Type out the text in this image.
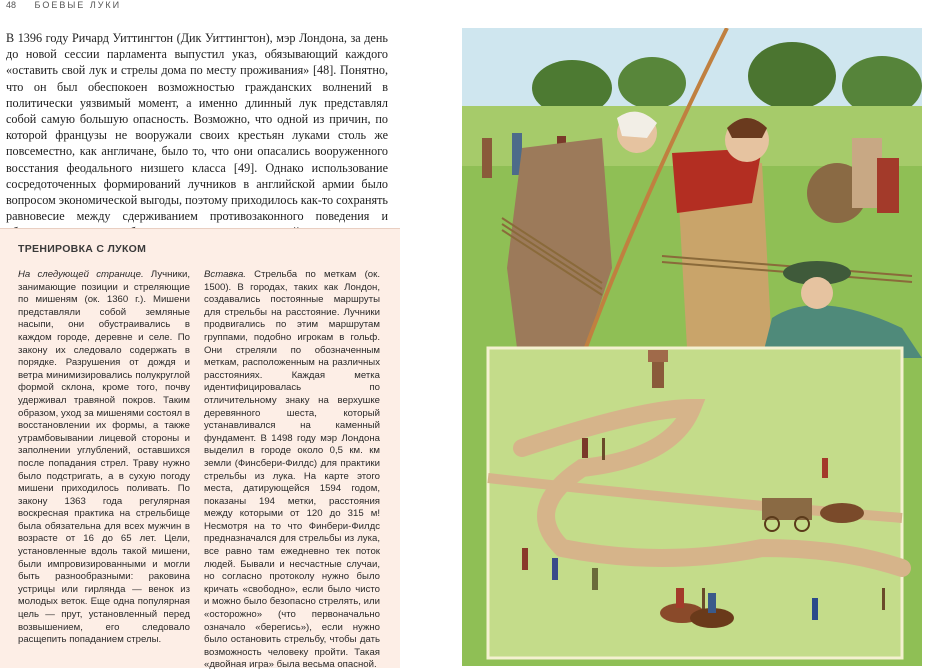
48 БОЕВЫЕ ЛУКИ
В 1396 году Ричард Уиттингтон (Дик Уиттингтон), мэр Лондона, за день до новой сессии парламента выпустил указ, обязывающий каждого «оставить свой лук и стрелы дома по месту проживания» [48]. Понятно, что он был обеспокоен возможностью гражданских волнений в политически уязвимый момент, а именно длинный лук представлял собой самую большую опасность. Возможно, что одной из причин, по которой французы не вооружали своих крестьян луками столь же повсеместно, как англичане, было то, что они опасались вооруженного восстания феодального низшего класса [49]. Однако использование сосредоточенных формирований лучников в английской армии было вопросом экономической выгоды, поэтому приходилось как-то сохранять равновесие между сдерживанием противозаконного поведения и
ТРЕНИРОВКА С ЛУКОМ
На следующей странице. Лучники, занимающие позиции и стреляющие по мишеням (ок. 1360 г.). Мишени представляли собой земляные насыпи, они обустраивались в каждом городе, деревне и селе. По закону их следовало содержать в порядке. Разрушения от дождя и ветра минимизировались полукруглой формой склона, кроме того, почву удерживал травяной покров. Таким образом, уход за мишенями состоял в восстановлении их формы, а также утрамбовывании лицевой стороны и заполнении углублений, оставшихся после попадания стрел. Траву нужно было подстригать, а в сухую погоду мишени приходилось поливать. По закону 1363 года регулярная воскресная практика на стрельбище была обязательна для всех мужчин в возрасте от 16 до 65 лет. Цели, установленные вдоль такой мишени, были импровизированными и могли быть разнообразными: раковина устрицы или гирлянда — венок из молодых веток. Еще одна популярная цель — прут, установленный перед возвышением, его следовало расщепить попаданием стрелы.
Вставка. Стрельба по меткам (ок. 1500). В городах, таких как Лондон, создавались постоянные маршруты для стрельбы на расстояние. Лучники продвигались по этим маршрутам группами, подобно игрокам в гольф. Они стреляли по обозначенным меткам, расположенным на различных расстояниях. Каждая метка идентифицировалась по отличительному знаку на верхушке деревянного шеста, который устанавливался на каменный фундамент. В 1498 году мэр Лондона выделил в городе около 0,5 км. км земли (Финсбери-Филдс) для практики стрельбы из лука. На карте этого места, датирующейся 1594 годом, показаны 194 метки, расстояния между которыми от 120 до 315 м! Несмотря на то что Финбери-Филдс предназначался для стрельбы из лука, все равно там ежедневно тек поток людей. Бывали и несчастные случаи, но согласно протоколу нужно было кричать «свободно», если было чисто и можно было безопасно стрелять, или «осторожно» (что первоначально означало «берегись»), если нужно было остановить стрельбу, чтобы дать возможность человеку пройти. Такая «двойная игра» была весьма опасной.
